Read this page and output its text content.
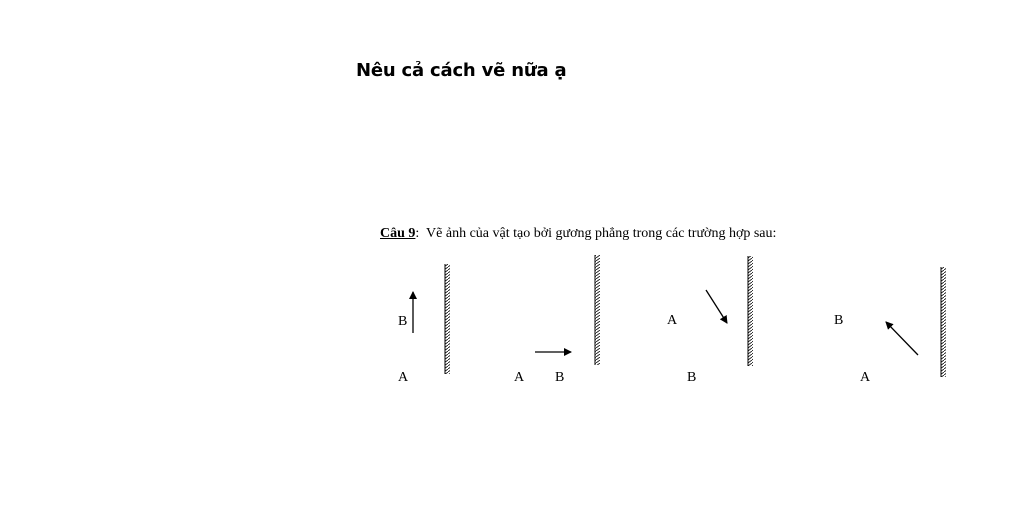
Nêu cả cách vẽ nữa ạ
Câu 9: Vẽ ảnh của vật tạo bởi gương phẳng trong các trường hợp sau:
B
A	A B
A
B
B
A
